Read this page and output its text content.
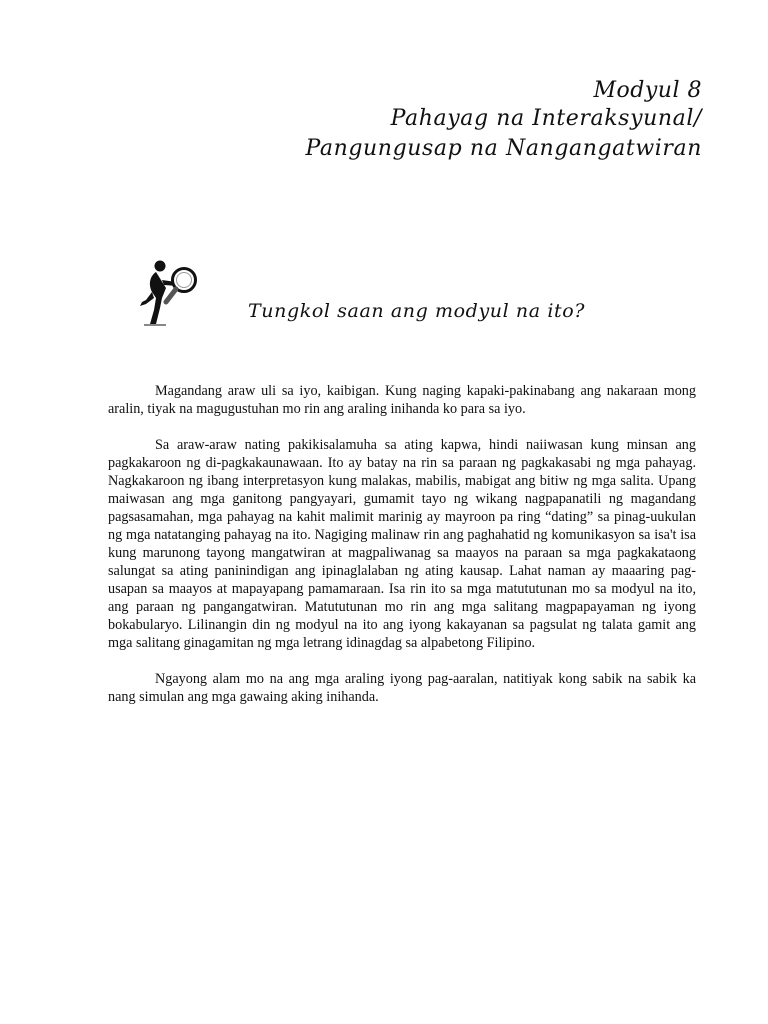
Modyul 8
Pahayag na Interaksyunal/
Pangungusap na Nangangatwiran
Tungkol saan ang modyul na ito?

Magandang araw uli sa iyo, kaibigan. Kung naging kapaki-pakinabang ang nakaraan mong aralin, tiyak na magugustuhan mo rin ang araling inihanda ko para sa iyo.

Sa araw-araw nating pakikisalamuha sa ating kapwa, hindi naiiwasan kung minsan ang pagkakaroon ng di-pagkakaunawaan. Ito ay batay na rin sa paraan ng pagkakasabi ng mga pahayag. Nagkakaroon ng ibang interpretasyon kung malakas, mabilis, mabigat ang bitiw ng mga salita. Upang maiwasan ang mga ganitong pangyayari, gumamit tayo ng wikang nagpapanatili ng magandang pagsasamahan, mga pahayag na kahit malimit marinig ay mayroon pa ring “dating” sa pinag-uukulan ng mga natatanging pahayag na ito. Nagiging malinaw rin ang paghahatid ng komunikasyon sa isa't isa kung marunong tayong mangatwiran at magpaliwanag sa maayos na paraan sa mga pagkakataong salungat sa ating paninindigan ang ipinaglalaban ng ating kausap. Lahat naman ay maaaring pag-usapan sa maayos at mapayapang pamamaraan. Isa rin ito sa mga matututunan mo sa modyul na ito, ang paraan ng pangangatwiran. Matututunan mo rin ang mga salitang magpapayaman ng iyong bokabularyo. Lilinangin din ng modyul na ito ang iyong kakayanan sa pagsulat ng talata gamit ang mga salitang ginagamitan ng mga letrang idinagdag sa alpabetong Filipino.

Ngayong alam mo na ang mga araling iyong pag-aaralan, natitiyak kong sabik na sabik ka nang simulan ang mga gawaing aking inihanda.
